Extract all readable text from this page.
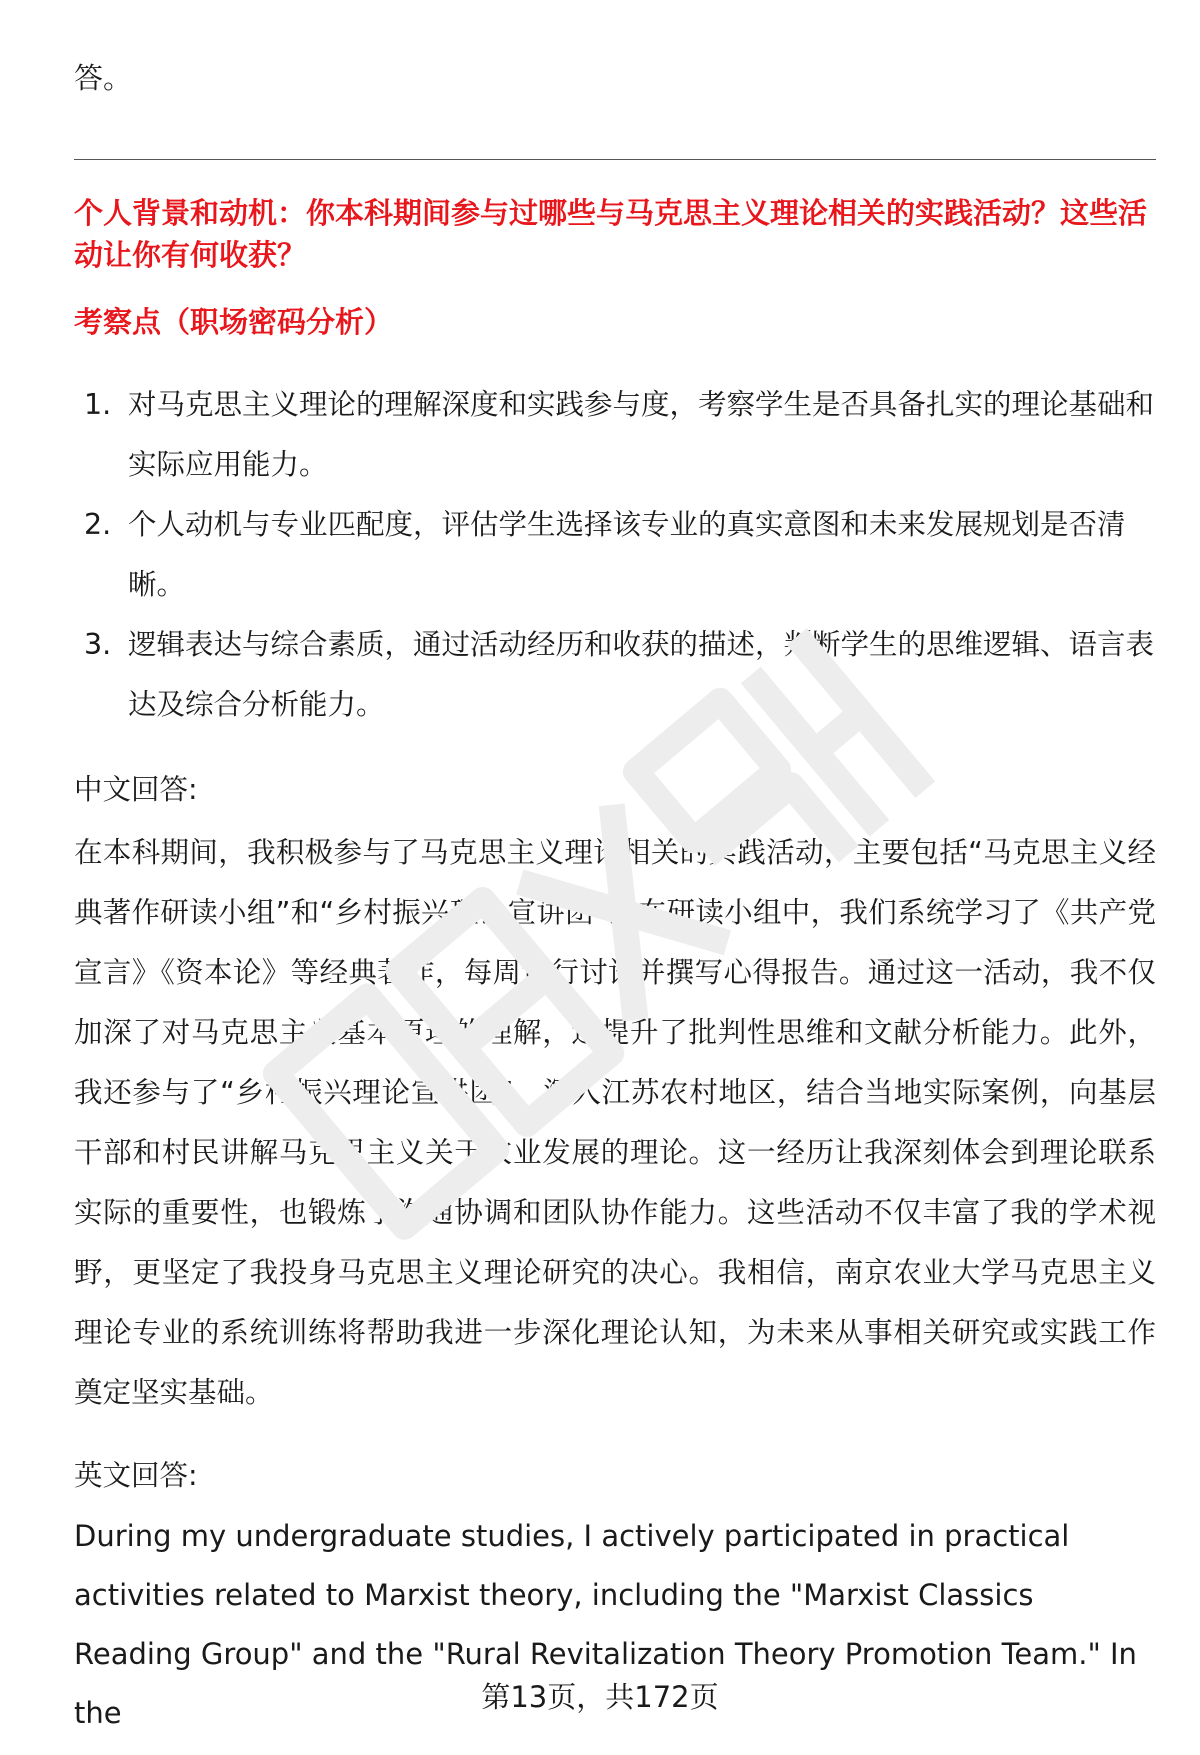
答。
个人背景和动机：你本科期间参与过哪些与马克思主义理论相关的实践活动？这些活动让你有何收获？
考察点（职场密码分析）
1. 对马克思主义理论的理解深度和实践参与度，考察学生是否具备扎实的理论基础和实际应用能力。
2. 个人动机与专业匹配度，评估学生选择该专业的真实意图和未来发展规划是否清晰。
3. 逻辑表达与综合素质，通过活动经历和收获的描述，判断学生的思维逻辑、语言表达及综合分析能力。
中文回答:
在本科期间，我积极参与了马克思主义理论相关的实践活动，主要包括“马克思主义经典著作研读小组”和“乡村振兴理论宣讲团”。在研读小组中，我们系统学习了《共产党宣言》《资本论》等经典著作，每周进行讨论并撰写心得报告。通过这一活动，我不仅加深了对马克思主义基本原理的理解，还提升了批判性思维和文献分析能力。此外，我还参与了“乡村振兴理论宣讲团”，深入江苏农村地区，结合当地实际案例，向基层干部和村民讲解马克思主义关于农业发展的理论。这一经历让我深刻体会到理论联系实际的重要性，也锻炼了沟通协调和团队协作能力。这些活动不仅丰富了我的学术视野，更坚定了我投身马克思主义理论研究的决心。我相信，南京农业大学马克思主义理论专业的系统训练将帮助我进一步深化理论认知，为未来从事相关研究或实践工作奠定坚实基础。
英文回答:
During my undergraduate studies, I actively participated in practical activities related to Marxist theory, including the "Marxist Classics Reading Group" and the "Rural Revitalization Theory Promotion Team." In the	第13页，共172页
